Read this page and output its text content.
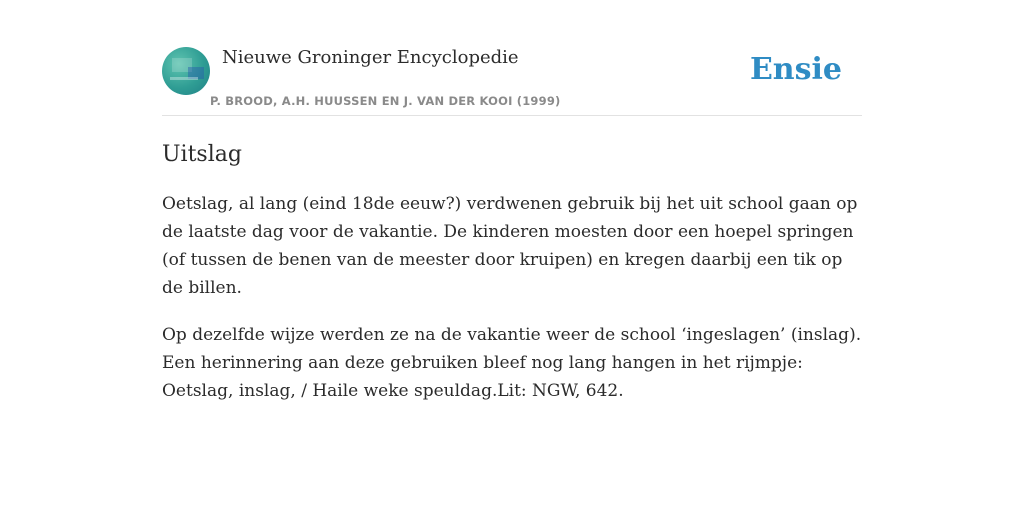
Nieuwe Groninger Encyclopedie
P. BROOD, A.H. HUUSSEN EN J. VAN DER KOOI (1999)
Ensie
Uitslag

Oetslag, al lang (eind 18de eeuw?) verdwenen gebruik bij het uit school gaan op de laatste dag voor de vakantie. De kinderen moesten door een hoepel springen (of tussen de benen van de meester door kruipen) en kregen daarbij een tik op de billen.

Op dezelfde wijze werden ze na de vakantie weer de school ‘ingeslagen’ (inslag). Een herinnering aan deze gebruiken bleef nog lang hangen in het rijmpje: Oetslag, inslag, / Haile weke speuldag.Lit: NGW, 642.
